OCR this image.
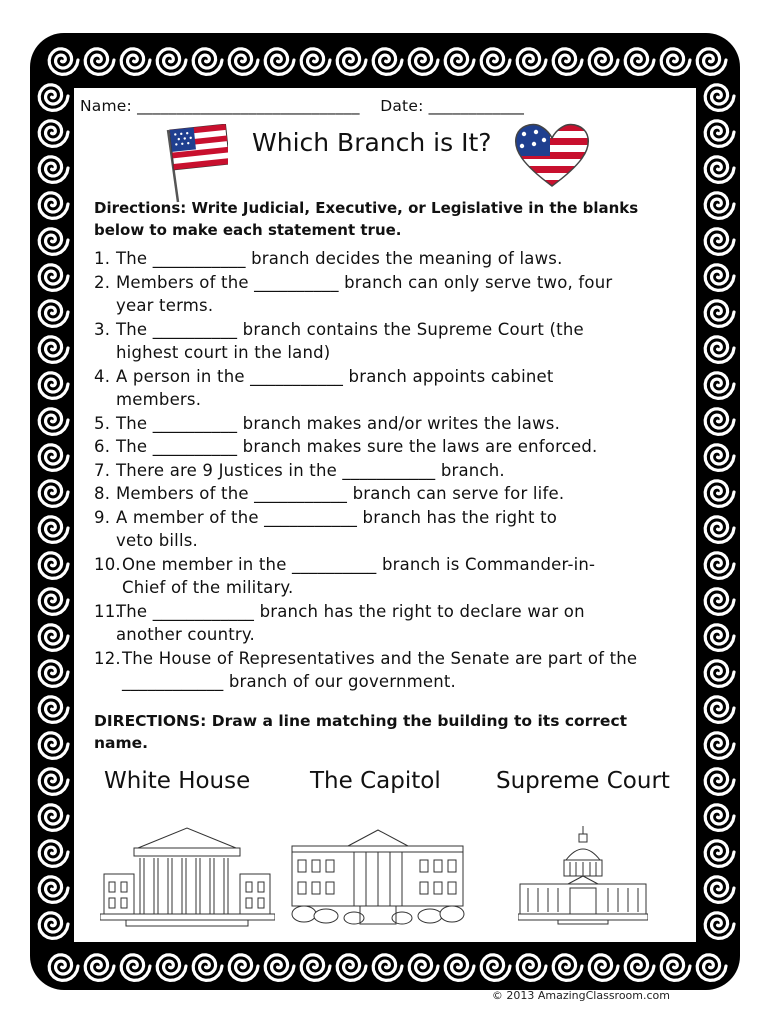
Name: ____________________________ Date: ____________
Which Branch is It?
Directions: Write Judicial, Executive, or Legislative in the blanks
below to make each statement true.
1. The ___________ branch decides the meaning of laws.
2. Members of the __________ branch can only serve two, four
year terms.
3. The __________ branch contains the Supreme Court (the
highest court in the land)
4. A person in the ___________ branch appoints cabinet
members.
5. The __________ branch makes and/or writes the laws.
6. The __________ branch makes sure the laws are enforced.
7. There are 9 Justices in the ___________ branch.
8. Members of the ___________ branch can serve for life.
9. A member of the ___________ branch has the right to
veto bills.
10.One member in the __________ branch is Commander-in-
Chief of the military.
11.The ____________ branch has the right to declare war on
another country.
12.The House of Representatives and the Senate are part of the
____________ branch of our government.
DIRECTIONS: Draw a line matching the building to its correct
name.
White House	The Capitol Supreme Court
© 2013 AmazingClassroom.com
